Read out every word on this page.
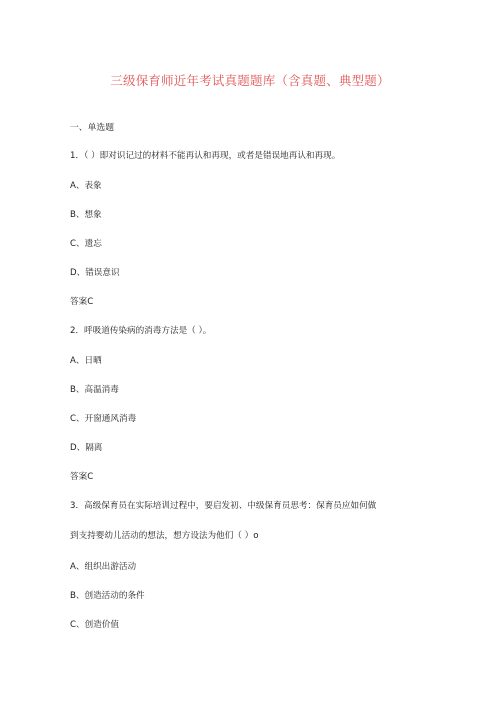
三级保育师近年考试真题题库（含真题、典型题）
一、单选题
1．（ ）即对识记过的材料不能再认和再现，或者是错误地再认和再现。
A、表象
B、想象
C、遗忘
D、错误意识
答案C
2．呼吸道传染病的消毒方法是（ ）。
A、日晒
B、高温消毒
C、开窗通风消毒
D、隔离
答案C
3．高级保育员在实际培训过程中，要启发初、中级保育员思考：保育员应如何做
到支持婴幼儿活动的想法，想方设法为他们（ ）o
A、组织出游活动
B、创造活动的条件
C、创造价值
